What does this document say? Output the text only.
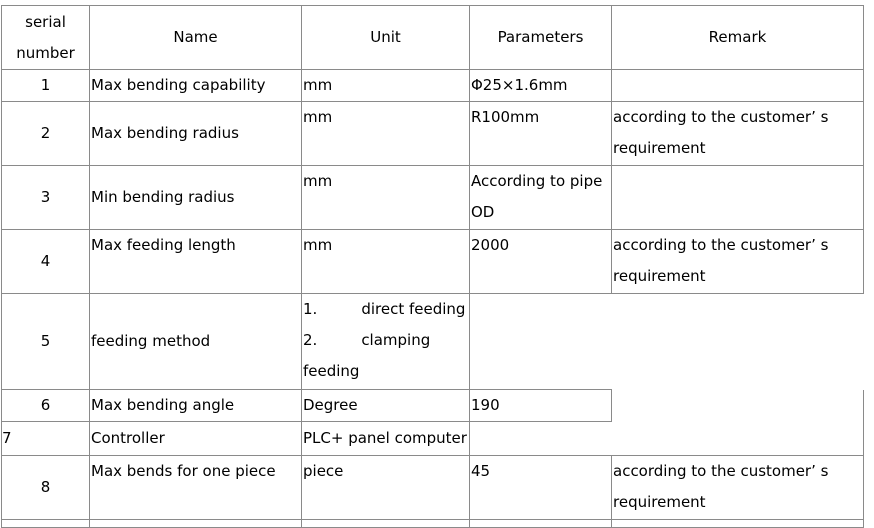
serial
number	Name	Unit	Parameters	Remark
1	Max bending capability	mm	Φ25×1.6mm	
2	Max bending radius	mm	R100mm	according to the customer’ s
requirement

3	Min bending radius	mm	According to pipe
OD	

4	Max feeding length	mm	2000	according to the customer’ s
requirement

5	feeding method	1. direct feeding
2. clamping
feeding		

6	Max bending angle	Degree	190	
7	Controller	PLC+ panel computer		
8	Max bends for one piece	piece	45	according to the customer’ s
requirement
